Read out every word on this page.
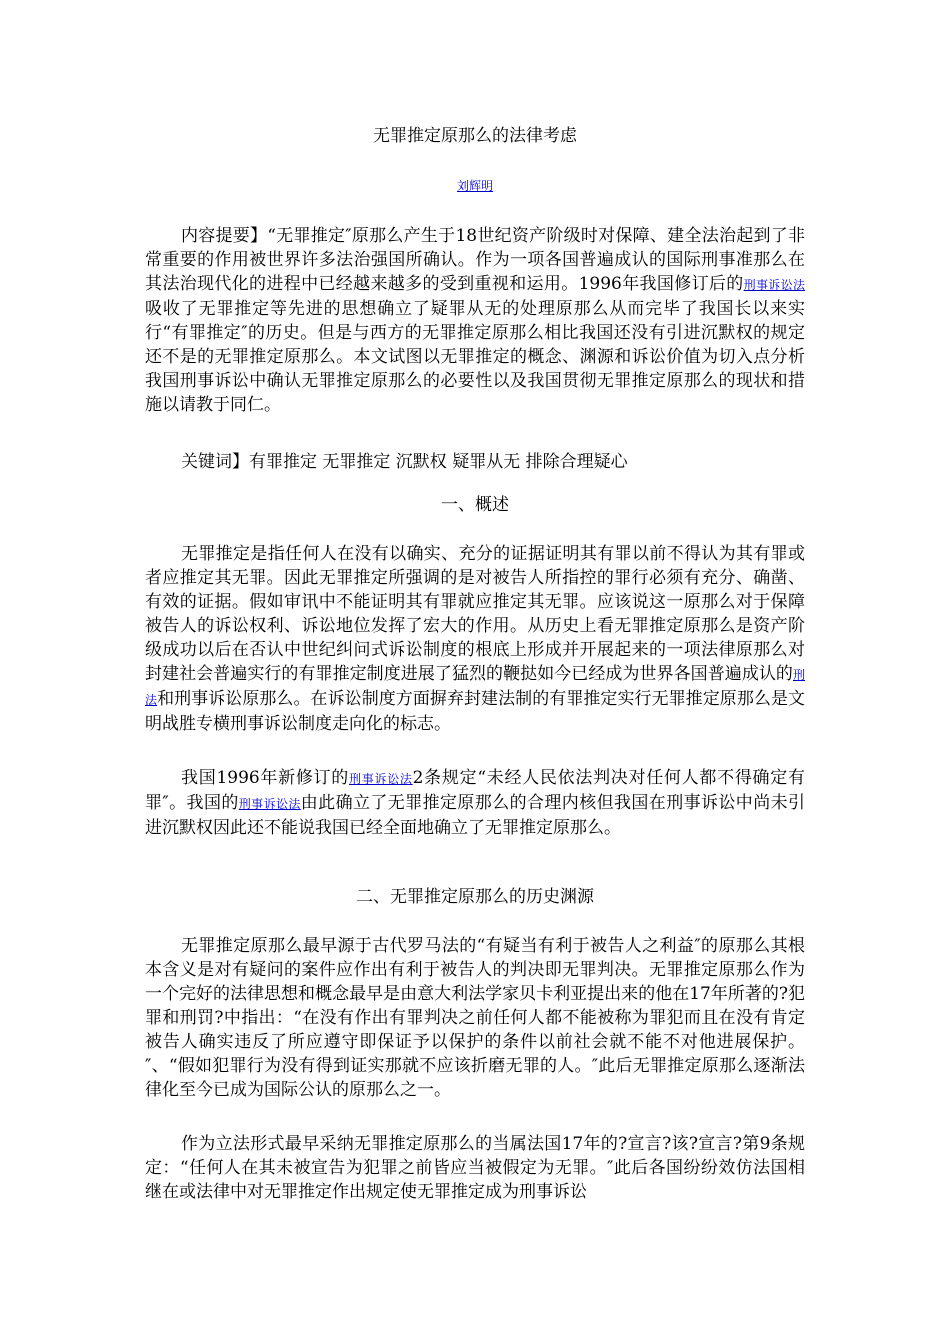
无罪推定原那么的法律考虑
刘辉明

内容提要】“无罪推定″原那么产生于18世纪资产阶级时对保障、建全法治起到了非常重要的作用被世界许多法治强国所确认。作为一项各国普遍成认的国际刑事准那么在其法治现代化的进程中已经越来越多的受到重视和运用。1996年我国修订后的刑事诉讼法吸收了无罪推定等先进的思想确立了疑罪从无的处理原那么从而完毕了我国长以来实行“有罪推定″的历史。但是与西方的无罪推定原那么相比我国还没有引进沉默权的规定还不是的无罪推定原那么。本文试图以无罪推定的概念、渊源和诉讼价值为切入点分析我国刑事诉讼中确认无罪推定原那么的必要性以及我国贯彻无罪推定原那么的现状和措施以请教于同仁。

关键词】有罪推定 无罪推定 沉默权 疑罪从无 排除合理疑心

一、概述

无罪推定是指任何人在没有以确实、充分的证据证明其有罪以前不得认为其有罪或者应推定其无罪。因此无罪推定所强调的是对被告人所指控的罪行必须有充分、确凿、有效的证据。假如审讯中不能证明其有罪就应推定其无罪。应该说这一原那么对于保障被告人的诉讼权利、诉讼地位发挥了宏大的作用。从历史上看无罪推定原那么是资产阶级成功以后在否认中世纪纠问式诉讼制度的根底上形成并开展起来的一项法律原那么对封建社会普遍实行的有罪推定制度进展了猛烈的鞭挞如今已经成为世界各国普遍成认的刑法和刑事诉讼原那么。在诉讼制度方面摒弃封建法制的有罪推定实行无罪推定原那么是文明战胜专横刑事诉讼制度走向化的标志。

我国1996年新修订的刑事诉讼法2条规定“未经人民依法判决对任何人都不得确定有罪″。我国的刑事诉讼法由此确立了无罪推定原那么的合理内核但我国在刑事诉讼中尚未引进沉默权因此还不能说我国已经全面地确立了无罪推定原那么。

二、无罪推定原那么的历史渊源

无罪推定原那么最早源于古代罗马法的“有疑当有利于被告人之利益″的原那么其根本含义是对有疑问的案件应作出有利于被告人的判决即无罪判决。无罪推定原那么作为一个完好的法律思想和概念最早是由意大利法学家贝卡利亚提出来的他在17年所著的?犯罪和刑罚?中指出：“在没有作出有罪判决之前任何人都不能被称为罪犯而且在没有肯定被告人确实违反了所应遵守即保证予以保护的条件以前社会就不能不对他进展保护。″、“假如犯罪行为没有得到证实那就不应该折磨无罪的人。″此后无罪推定原那么逐渐法律化至今已成为国际公认的原那么之一。

作为立法形式最早采纳无罪推定原那么的当属法国17年的?宣言?该?宣言?第9条规定：“任何人在其未被宣告为犯罪之前皆应当被假定为无罪。″此后各国纷纷效仿法国相继在或法律中对无罪推定作出规定使无罪推定成为刑事诉讼
